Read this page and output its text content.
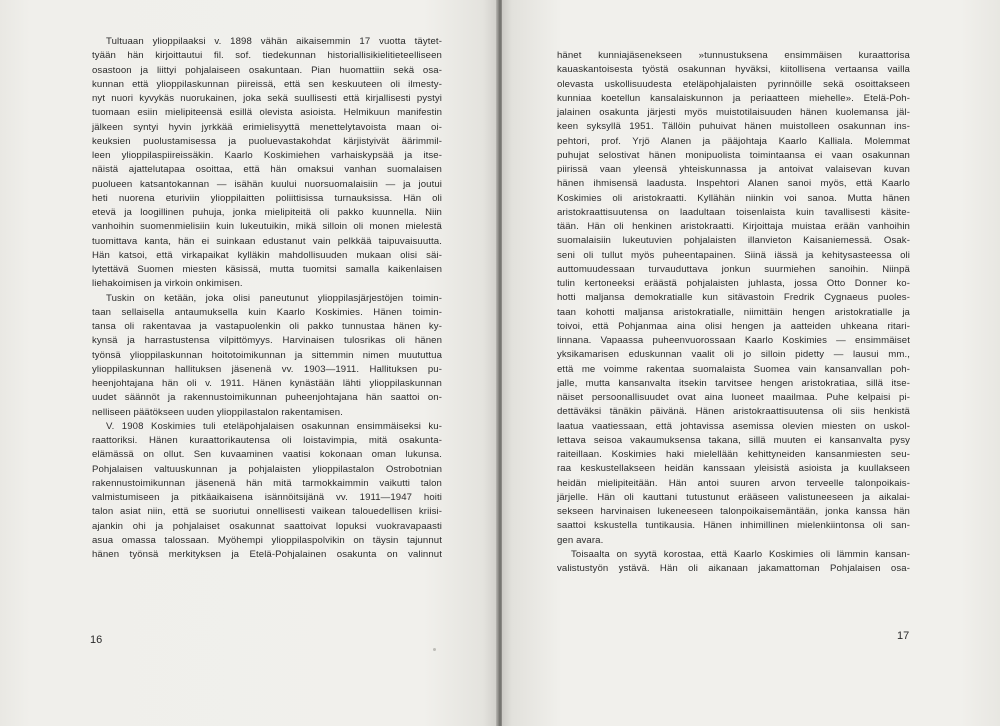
Tultuaan ylioppilaaksi v. 1898 vähän aikaisemmin 17 vuotta täytet-

tyään hän kirjoittautui fil. sof. tiedekunnan historiallisikielitieteelliseen

osastoon ja liittyi pohjalaiseen osakuntaan. Pian huomattiin sekä osa-

kunnan että ylioppilaskunnan piireissä, että sen keskuuteen oli ilmesty-

nyt nuori kyvykäs nuorukainen, joka sekä suullisesti että kirjallisesti pystyi

tuomaan esiin mielipiteensä esillä olevista asioista. Helmikuun manifestin

jälkeen syntyi hyvin jyrkkää erimielisyyttä menettelytavoista maan oi-

keuksien puolustamisessa ja puoluevastakohdat kärjistyivät äärimmil-

leen ylioppilaspiireissäkin. Kaarlo Koskimiehen varhaiskypsää ja itse-

näistä ajattelutapaa osoittaa, että hän omaksui vanhan suomalaisen

puolueen katsantokannan — isähän kuului nuorsuomalaisiin — ja joutui

heti nuorena eturiviin ylioppilaitten poliittisissa turnauksissa. Hän oli

etevä ja loogillinen puhuja, jonka mielipiteitä oli pakko kuunnella. Niin

vanhoihin suomenmielisiin kuin lukeutuikin, mikä silloin oli monen mielestä

tuomittava kanta, hän ei suinkaan edustanut vain pelkkää taipuvaisuutta.

Hän katsoi, että virkapaikat kylläkin mahdollisuuden mukaan olisi säi-

lytettävä Suomen miesten käsissä, mutta tuomitsi samalla kaikenlaisen

liehakoimisen ja virkoin onkimisen.

Tuskin on ketään, joka olisi paneutunut ylioppilasjärjestöjen toimin-

taan sellaisella antaumuksella kuin Kaarlo Koskimies. Hänen toimin-

tansa oli rakentavaa ja vastapuolenkin oli pakko tunnustaa hänen ky-

kynsä ja harrastustensa vilpittömyys. Harvinaisen tulosrikas oli hänen

työnsä ylioppilaskunnan hoitotoimikunnan ja sittemmin nimen muututtua

ylioppilaskunnan hallituksen jäsenenä vv. 1903—1911. Hallituksen pu-

heenjohtajana hän oli v. 1911. Hänen kynästään lähti ylioppilaskunnan

uudet säännöt ja rakennustoimikunnan puheenjohtajana hän saattoi on-

nelliseen päätökseen uuden ylioppilastalon rakentamisen.

V. 1908 Koskimies tuli eteläpohjalaisen osakunnan ensimmäiseksi ku-

raattoriksi. Hänen kuraattorikautensa oli loistavimpia, mitä osakunta-

elämässä on ollut. Sen kuvaaminen vaatisi kokonaan oman lukunsa.

Pohjalaisen valtuuskunnan ja pohjalaisten ylioppilastalon Ostrobotnian

rakennustoimikunnan jäsenenä hän mitä tarmokkaimmin vaikutti talon

valmistumiseen ja pitkäaikaisena isännöitsijänä vv. 1911—1947 hoiti

talon asiat niin, että se suoriutui onnellisesti vaikean talouedellisen kriisi-

ajankin ohi ja pohjalaiset osakunnat saattoivat lopuksi vuokravapaasti

asua omassa talossaan. Myöhempi ylioppilaspolvikin on täysin tajunnut

hänen työnsä merkityksen ja Etelä-Pohjalainen osakunta on valinnut

16

hänet kunniajäsenekseen »tunnustuksena ensimmäisen kuraattorisa

kauaskantoisesta työstä osakunnan hyväksi, kiitollisena vertaansa vailla

olevasta uskollisuudesta eteläpohjalaisten pyrinnöille sekä osoittakseen

kunniaa koetellun kansalaiskunnon ja periaatteen miehelle». Etelä-Poh-

jalainen osakunta järjesti myös muistotilaisuuden hänen kuolemansa jäl-

keen syksyllä 1951. Tällöin puhuivat hänen muistolleen osakunnan ins-

pehtori, prof. Yrjö Alanen ja pääjohtaja Kaarlo Kalliala. Molemmat

puhujat selostivat hänen monipuolista toimintaansa ei vaan osakunnan

piirissä vaan yleensä yhteiskunnassa ja antoivat valaisevan kuvan

hänen ihmisensä laadusta. Inspehtori Alanen sanoi myös, että Kaarlo

Koskimies oli aristokraatti. Kyllähän niinkin voi sanoa. Mutta hänen

aristokraattisuutensa on laadultaan toisenlaista kuin tavallisesti käsite-

tään. Hän oli henkinen aristokraatti. Kirjoittaja muistaa erään vanhoihin

suomalaisiin lukeutuvien pohjalaisten illanvieton Kaisaniemessä. Osak-

seni oli tullut myös puheentapainen. Siinä iässä ja kehitysasteessa oli

auttomuudessaan turvauduttava jonkun suurmiehen sanoihin. Niinpä

tulin kertoneeksi eräästä pohjalaisten juhlasta, jossa Otto Donner ko-

hotti maljansa demokratialle kun sitävastoin Fredrik Cygnaeus puoles-

taan kohotti maljansa aristokratialle, niimittäin hengen aristokratialle ja

toivoi, että Pohjanmaa aina olisi hengen ja aatteiden uhkeana ritari-

linnana. Vapaassa puheenvuorossaan Kaarlo Koskimies — ensimmäiset

yksikamarisen eduskunnan vaalit oli jo silloin pidetty — lausui mm.,

että me voimme rakentaa suomalaista Suomea vain kansanvallan poh-

jalle, mutta kansanvalta itsekin tarvitsee hengen aristokratiaa, sillä itse-

näiset persoonallisuudet ovat aina luoneet maailmaa. Puhe kelpaisi pi-

dettäväksi tänäkin päivänä. Hänen aristokraattisuutensa oli siis henkistä

laatua vaatiessaan, että johtavissa asemissa olevien miesten on uskol-

lettava seisoa vakaumuksensa takana, sillä muuten ei kansanvalta pysy

raiteillaan. Koskimies haki mielellään kehittyneiden kansanmiesten seu-

raa keskustellakseen heidän kanssaan yleisistä asioista ja kuullakseen

heidän mielipiteitään. Hän antoi suuren arvon terveelle talonpoikais-

järjelle. Hän oli kauttani tutustunut erääseen valistuneeseen ja aikalai-

sekseen harvinaisen lukeneeseen talonpoikaisemäntään, jonka kanssa hän

saattoi kskustella tuntikausia. Hänen inhimillinen mielenkiintonsa oli san-

gen avara.

Toisaalta on syytä korostaa, että Kaarlo Koskimies oli lämmin kansan-

valistustyön ystävä. Hän oli aikanaan jakamattoman Pohjalaisen osa-

17
